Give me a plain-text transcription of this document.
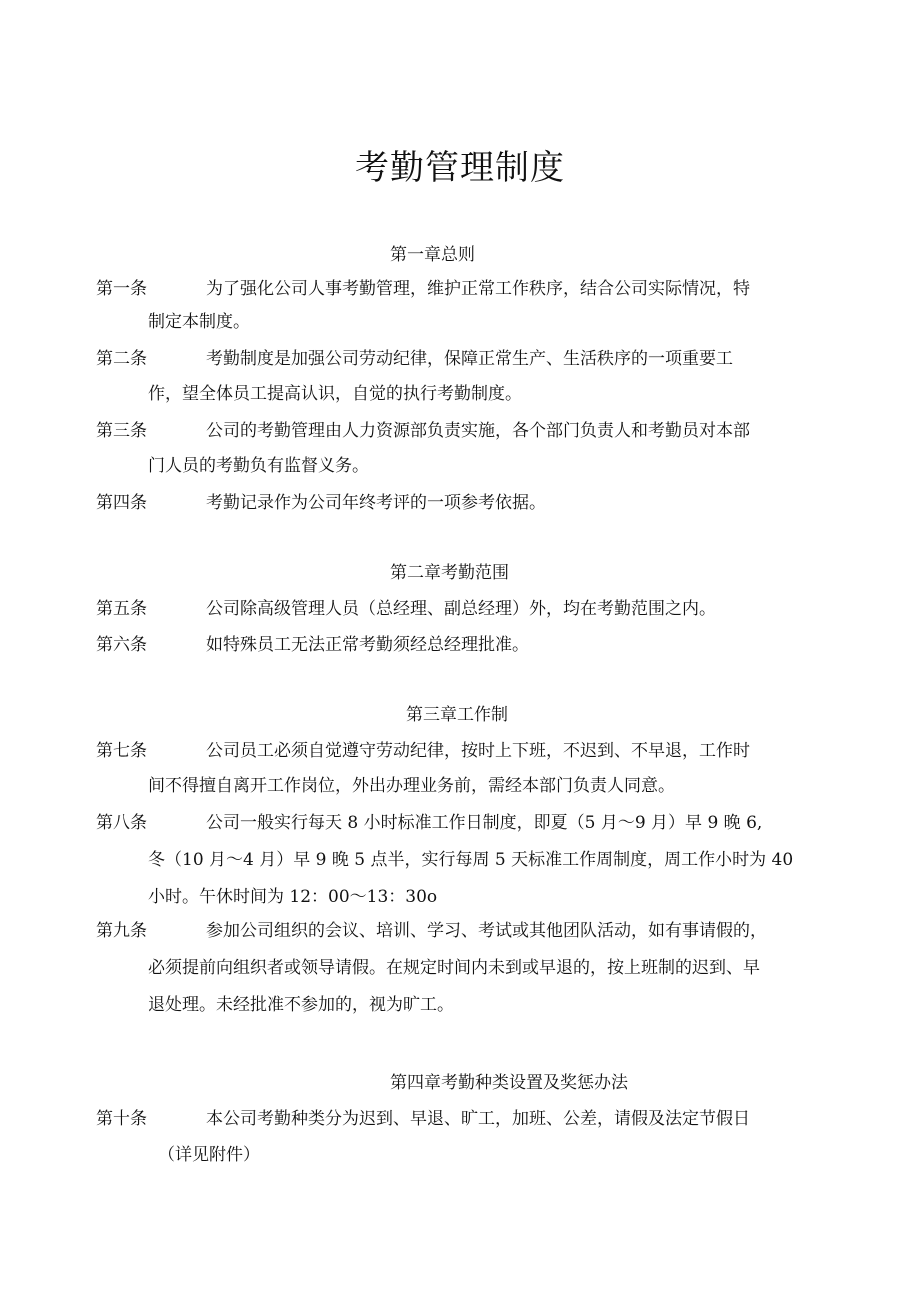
考勤管理制度
第一章总则
第一条	为了强化公司人事考勤管理，维护正常工作秩序，结合公司实际情况，特
制定本制度。
第二条	考勤制度是加强公司劳动纪律，保障正常生产、生活秩序的一项重要工
作，望全体员工提高认识，自觉的执行考勤制度。
第三条	公司的考勤管理由人力资源部负责实施，各个部门负责人和考勤员对本部
门人员的考勤负有监督义务。
第四条	考勤记录作为公司年终考评的一项参考依据。
第二章考勤范围
第五条	公司除高级管理人员（总经理、副总经理）外，均在考勤范围之内。
第六条	如特殊员工无法正常考勤须经总经理批准。
第三章工作制
第七条	公司员工必须自觉遵守劳动纪律，按时上下班，不迟到、不早退，工作时
间不得擅自离开工作岗位，外出办理业务前，需经本部门负责人同意。
第八条	公司一般实行每天 8 小时标准工作日制度，即夏（5 月～9 月）早 9 晚 6,
冬（10 月～4 月）早 9 晚 5 点半，实行每周 5 天标准工作周制度，周工作小时为 40
小时。午休时间为 12：00～13：30o
第九条	参加公司组织的会议、培训、学习、考试或其他团队活动，如有事请假的，
必须提前向组织者或领导请假。在规定时间内未到或早退的，按上班制的迟到、早
退处理。未经批准不参加的，视为旷工。
第四章考勤种类设置及奖惩办法
第十条	本公司考勤种类分为迟到、早退、旷工，加班、公差，请假及法定节假日
（详见附件）
